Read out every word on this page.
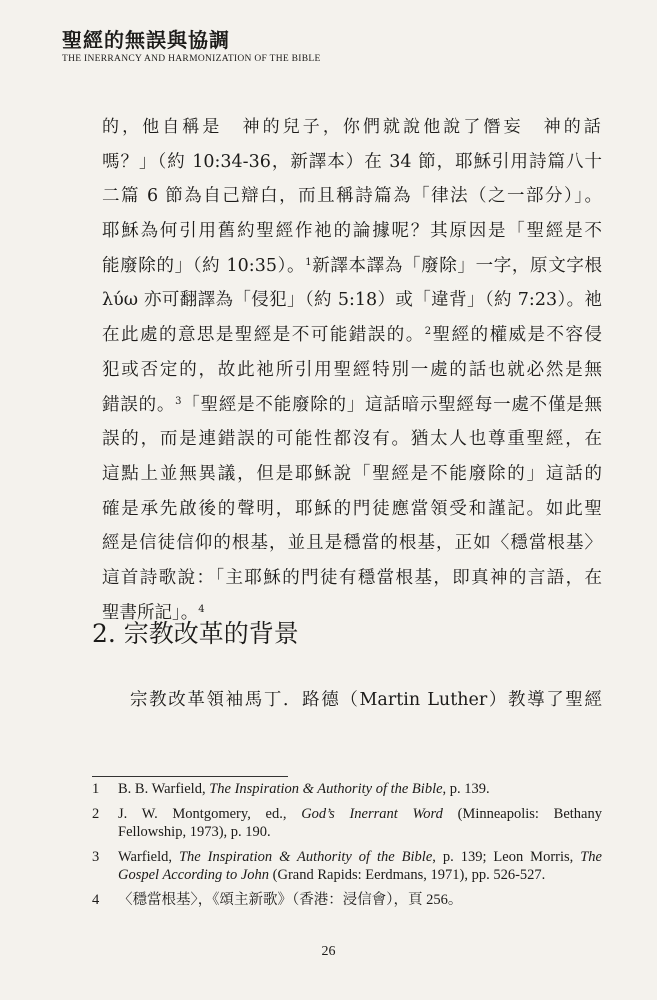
聖經的無誤與協調
THE INERRANCY AND HARMONIZATION OF THE BIBLE
的，他自稱是　神的兒子，你們就說他說了僭妄　神的話
嗎？」（約 10:34-36，新譯本）在 34 節，耶穌引用詩篇八十
二篇 6 節為自己辯白，而且稱詩篇為「律法（之一部分）」。
耶穌為何引用舊約聖經作祂的論據呢？其原因是「聖經是不
能廢除的」（約 10:35）。$^1$新譯本譯為「廢除」一字，原文字根
λύω 亦可翻譯為「侵犯」（約 5:18）或「違背」（約 7:23）。祂
在此處的意思是聖經是不可能錯誤的。$^2$聖經的權威是不容侵
犯或否定的，故此祂所引用聖經特別一處的話也就必然是無
錯誤的。$^3$「聖經是不能廢除的」這話暗示聖經每一處不僅是無
誤的，而是連錯誤的可能性都沒有。猶太人也尊重聖經，在
這點上並無異議，但是耶穌說「聖經是不能廢除的」這話的
確是承先啟後的聲明，耶穌的門徒應當領受和謹記。如此聖
經是信徒信仰的根基，並且是穩當的根基，正如〈穩當根基〉
這首詩歌說：「主耶穌的門徒有穩當根基，即真神的言語，在
聖書所記」。$^4$
2. 宗教改革的背景
宗教改革領袖馬丁．路德（Martin Luther）教導了聖經
1 B. B. Warfield, The Inspiration & Authority of the Bible, p. 139.
2 J. W. Montgomery, ed., God’s Inerrant Word (Minneapolis: Bethany
Fellowship, 1973), p. 190.
3 Warfield, The Inspiration & Authority of the Bible, p. 139; Leon Morris, The
Gospel According to John (Grand Rapids: Eerdmans, 1971), pp. 526-527.
4 〈穩當根基〉，《頌主新歌》（香港：浸信會），頁 256。
26
